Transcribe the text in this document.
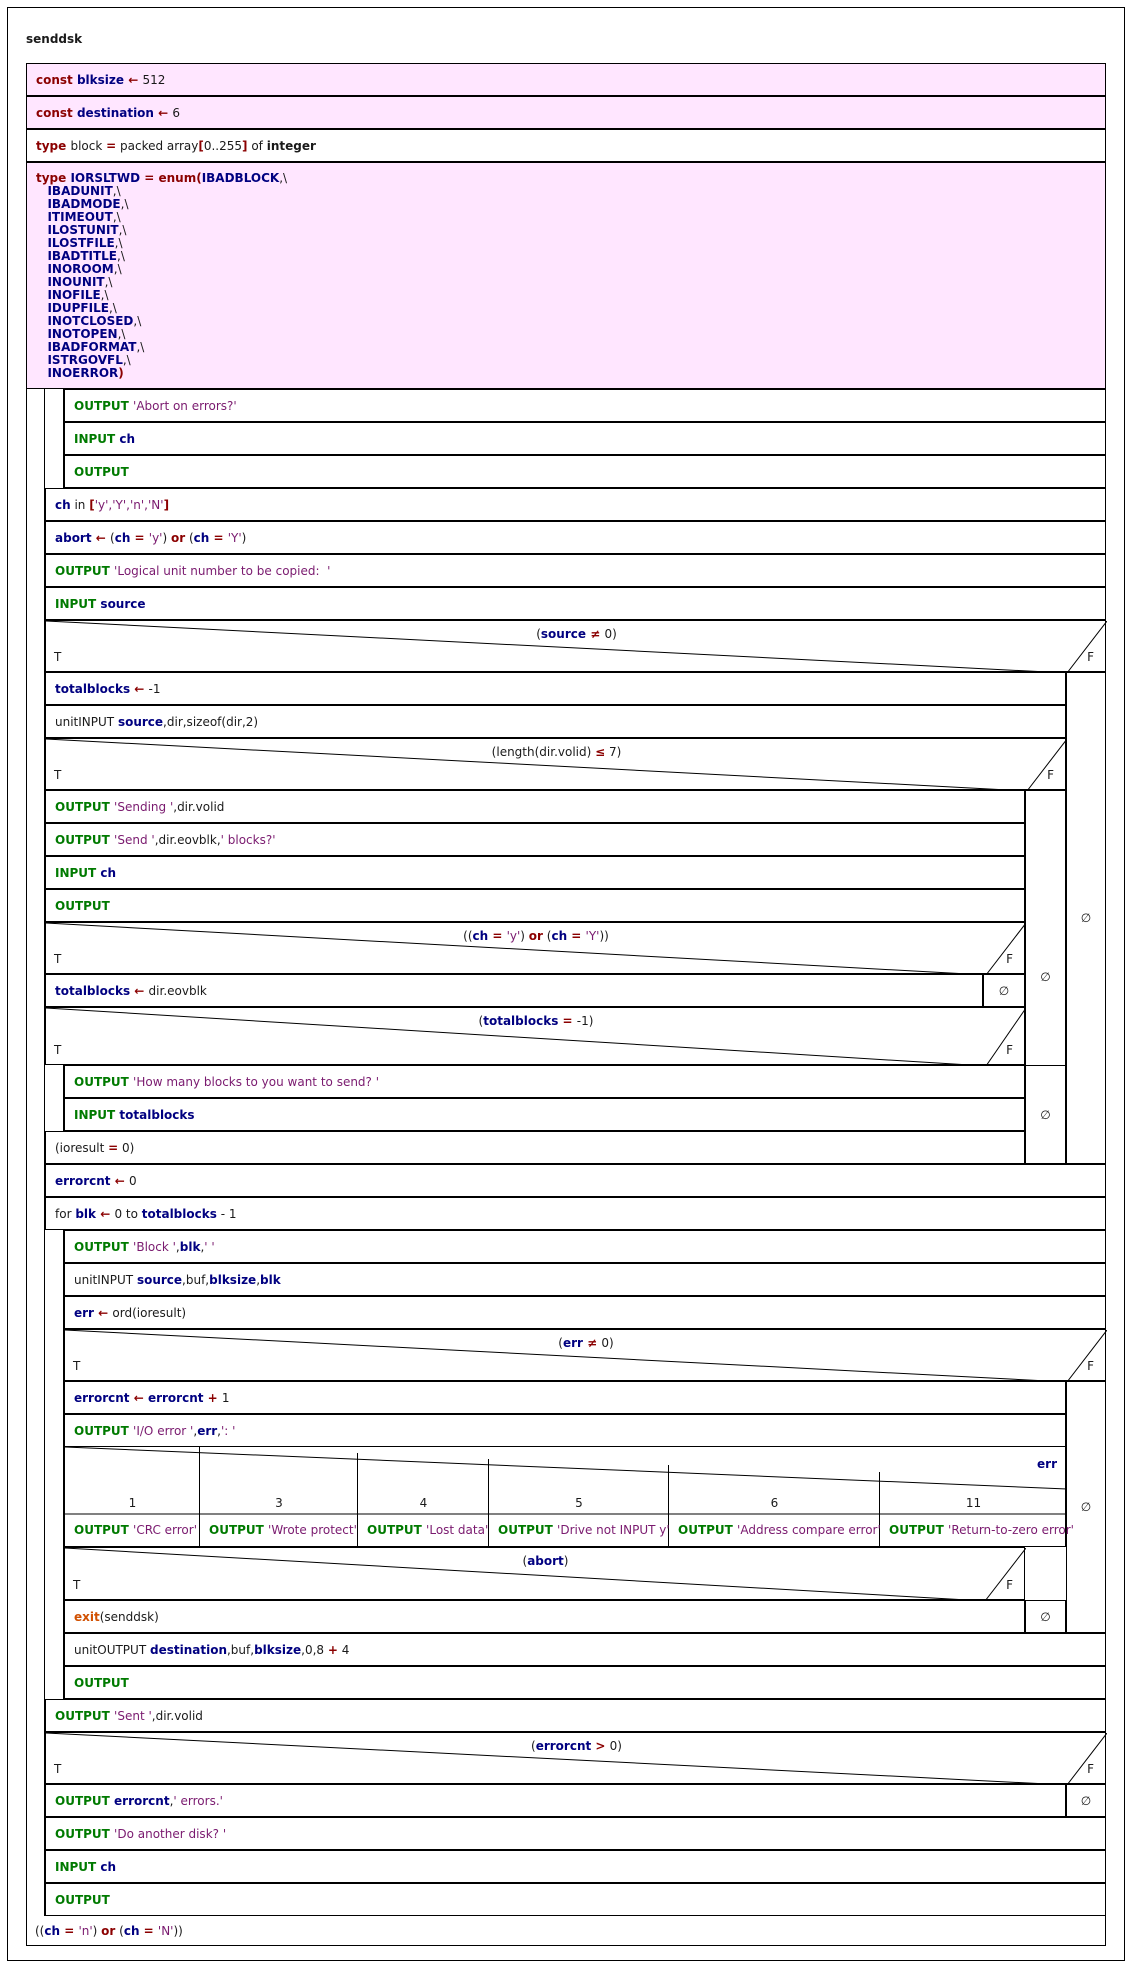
senddsk
const blksize ← 512
const destination ← 6
type block = packed array[0..255] of integer
type IORSLTWD = enum(IBADBLOCK,\
IBADUNIT,\
IBADMODE,\
ITIMEOUT,\
ILOSTUNIT,\
ILOSTFILE,\
IBADTITLE,\
INOROOM,\
INOUNIT,\
INOFILE,\
IDUPFILE,\
INOTCLOSED,\
INOTOPEN,\
IBADFORMAT,\
ISTRGOVFL,\
INOERROR)
OUTPUT 'Abort on errors?'
INPUT ch
OUTPUT
ch in ['y','Y','n','N']
abort ← (ch = 'y') or (ch = 'Y')
OUTPUT 'Logical unit number to be copied:  '
INPUT source
totalblocks ← -1
unitINPUT source,dir,sizeof(dir,2)
OUTPUT 'Sending ',dir.volid
OUTPUT 'Send ',dir.eovblk,' blocks?'
INPUT ch
OUTPUT
totalblocks ← dir.eovblk
OUTPUT 'How many blocks to you want to send? '
INPUT totalblocks
(ioresult = 0)
errorcnt ← 0
for blk ← 0 to totalblocks - 1
OUTPUT 'Block ',blk,' '
unitINPUT source,buf,blksize,blk
err ← ord(ioresult)
errorcnt ← errorcnt + 1
OUTPUT 'I/O error ',err,': '
exit(senddsk)
unitOUTPUT destination,buf,blksize,0,8 + 4
OUTPUT
OUTPUT 'Sent ',dir.volid
OUTPUT errorcnt,' errors.'
OUTPUT 'Do another disk? '
INPUT ch
OUTPUT
((ch = 'n') or (ch = 'N'))
(source ≠ 0)
T	F
(length(dir.volid) ≤ 7)
T	F
((ch = 'y') or (ch = 'Y'))
T	F
(totalblocks = -1)
T	F
(err ≠ 0)
T	F
(abort)
T	F
(errorcnt > 0)
T	F
∅
∅
∅
∅
∅
∅
∅
err
1
OUTPUT 'CRC error'
3
OUTPUT 'Wrote protect'
4
OUTPUT 'Lost data'
5
OUTPUT 'Drive not INPUT y'
6
OUTPUT 'Address compare error'
11
OUTPUT 'Return-to-zero error'
